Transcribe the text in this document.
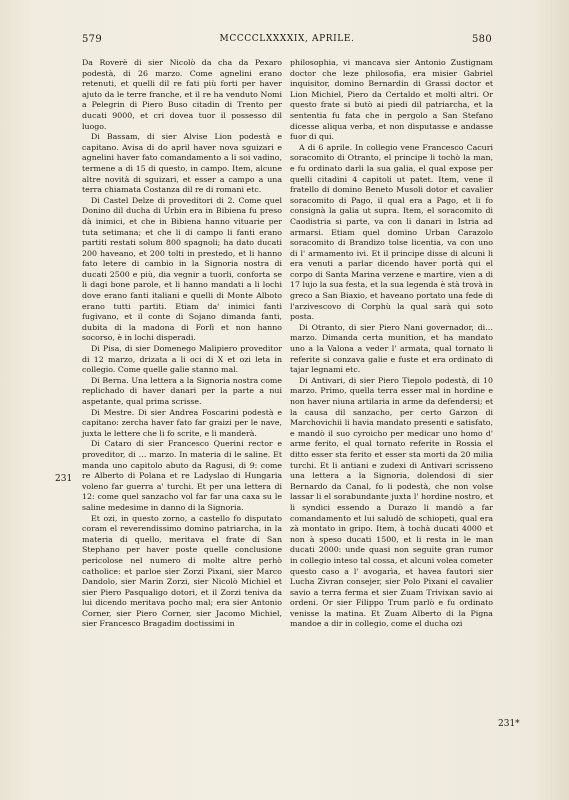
579	MCCCCLXXXXIX, APRILE.	580

Da Roverè di sier Nicolò da cha da Pexaro podestà, di 26 marzo. Come agnelini erano retenuti, et quelli dil re fati più forti per haver ajuto da le terre franche, et il re ha venduto Nomi a Pelegrin di Piero Buso citadin di Trento per ducati 9000, et cri dovea tuor il possesso dil luogo.

Di Bassam, di sier Alvise Lion podestà e capitano. Avisa di do april haver nova sguizari e agnelini haver fato comandamento a li soi vadino, termene a di 15 di questo, in campo. Item, alcune altre novità di sguizari, et esser a campo a una terra chiamata Costanza dil re di romani etc.

Di Castel Delze di proveditori di 2. Come quel Donino dil ducha di Urbin era in Bibiena fu preso dà inimici, et che in Bibiena hanno vituarie per tuta setimana; et che li di campo li fanti erano partiti restati solum 800 spagnoli; ha dato ducati 200 haveano, et 200 tolti in prestedo, et li hanno fato letere di cambio in la Signoria nostra di ducati 2500 e più, dia vegnir a tuorli, conforta se li dagi bone parole, et li hanno mandati a li lochi dove erano fanti italiani e quelli di Monte Alboto erano tutti partiti. Etiam da' inimici fanti fugivano, et il conte di Sojano dimanda fanti, dubita di la madona di Forlì et non hanno socorso, è in lochi disperadi.

Di Pisa, di sier Domenego Malipiero proveditor di 12 marzo, drizata a li oci di X et ozi leta in collegio. Come quelle galie stanno mal.

Di Berna. Una lettera a la Signoria nostra come replichado di haver danari per la parte a nui aspetante, qual prima scrisse.

Di Mestre. Di sier Andrea Foscarini podestà e capitano: zercha haver fato far graizi per le nave, juxta le lettere che li fo scrite, e li manderà.

Di Cataro di sier Francesco Querini rector e proveditor, di … marzo. In materia di le saline. Et manda uno capitolo abuto da Ragusi, di 9: come re Alberto di Polana et re Ladyslao di Hungaria voleno far guerra a' turchi. Et per una lettera di 12: come quel sanzacho vol far far una caxa su le saline medesime in danno di la Signoria.

Et ozi, in questo zorno, a castello fo disputato coram el reverendissimo domino patriarcha, in la materia di quello, meritava el frate di San Stephano per haver poste quelle conclusione pericolose nel numero di molte altre perhò catholice: et parloe sier Zorzi Pixani, sier Marco Dandolo, sier Marin Zorzi, sier Nicolò Michiel et sier Piero Pasqualigo dotori, et il Zorzi teniva da lui dicendo meritava pocho mal; era sier Antonio Corner, sier Piero Corner, sier Jacomo Michiel, sier Francesco Bragadim doctissimi in

philosophia, vi mancava sier Antonio Zustignam doctor che leze philosofia, era misier Gabriel inquisitor, domino Bernardin di Grassi doctor et Lion Michiel, Piero da Certaldo et molti altri. Or questo frate si butò ai piedi dil patriarcha, et la sententia fu fata che in pergolo a San Stefano dicesse aliqua verba, et non disputasse e andasse fuor di qui.

A di 6 aprile. In collegio vene Francesco Cacuri soracomito di Otranto, el principe li tochò la man, e fu ordinato darli la sua galia, el qual expose per quelli citadini 4 capitoli ut patet. Item, vene il fratello di domino Beneto Musoli dotor et cavalier soracomito di Pago, il qual era a Pago, et li fo consignà la galia ut supra. Item, el soracomito di Caodistria si parte, va con li danari in Istria ad armarsi. Etiam quel domino Urban Carazolo soracomito di Brandizo tolse licentia, va con uno di l' armamento ivi. Et il principe disse di alcuni li era venuti a parlar dicendo haver portà qui el corpo di Santa Marina verzene e martire, vien a di 17 lujo la sua festa, et la sua legenda è stà trovà in greco a San Biaxio, et haveano portato una fede di l'arzivescovo di Corphù la qual sarà qui soto posta.

Di Otranto, di sier Piero Nani governador, di… marzo. Dimanda certa munition, et ha mandato uno a la Valona a veder l' armata, qual tornato li referite si conzava galie e fuste et era ordinato di tajar legnami etc.

Di Antivari, di sier Piero Tiepolo podestà, di 10 marzo. Primo, quella terra esser mal in hordine e non haver niuna artilaria in arme da defendersi; et la causa dil sanzacho, per certo Garzon di Marchovichii li havia mandato presenti e satisfato, e mandò il suo cyroicho per medicar uno homo d' arme ferito, el qual tornato referite in Rossia el ditto esser sta ferito et esser sta morti da 20 milia turchi. Et li antiani e zudexi di Antivari scrisseno una lettera a la Signoria, dolendosi di sier Bernardo da Canal, fo li podestà, che non volse lassar li el sorabundante juxta l' hordine nostro, et li syndici essendo a Durazo li mandò a far comandamento et lui saludò de schiopeti, qual era zà montato in gripo. Item, à tochà ducati 4000 et non à speso ducati 1500, et li resta in le man ducati 2000: unde quasi non seguite gran rumor in collegio inteso tal cossa, et alcuni volea cometer questo caso a l' avogarìa, et havea fautori sier Lucha Zivran consejer, sier Polo Pixani el cavalier savio a terra ferma et sier Zuam Trivixan savio ai ordeni. Or sier Filippo Trum parlò e fu ordinato venisse la matina. Et Zuam Alberto di la Pigna mandoe a dir in collegio, come el ducha ozi

231
231*
